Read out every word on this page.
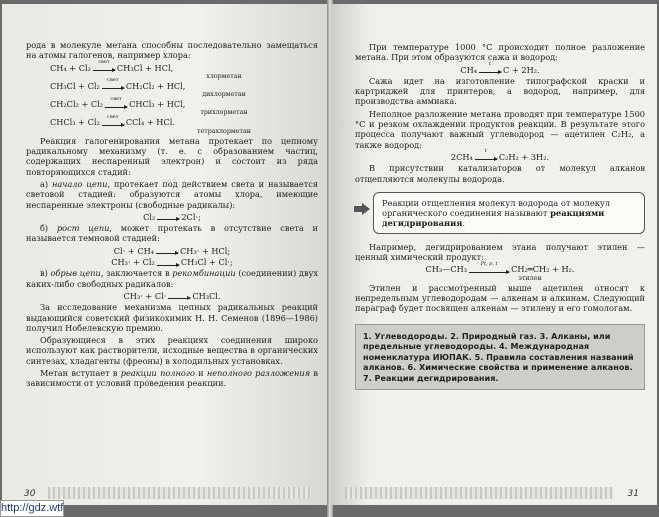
рода в молекуле метана способны последовательно замещаться на атомы галогенов, например хлора:

CH₄ + Cl₂
свет
CH₃Cl + HCl,
хлорметан
CH₃Cl + Cl₂
свет
CH₂Cl₂ + HCl,
дихлорметан
CH₂Cl₂ + Cl₂
свет
CHCl₃ + HCl,
трихлорметан
CHCl₃ + Cl₂
свет
CCl₄ + HCl.
тетрахлорметан

Реакция галогенирования метана протекает по цепному радикальному механизму (т. е. с образованием частиц, содержащих неспаренный электрон) и состоит из ряда повторяющихся стадий:

а) начало цепи, протекает под действием света и называется световой стадией: образуются атомы хлора, имеющие неспаренные электроны (свободные радикалы):

Cl₂	2Cl·;

б) рост цепи, может протекать в отсутствие света и называется темновой стадией:

Cl· + CH₄	CH₃· + HCl;
CH₃· + Cl₂	CH₃Cl + Cl·;

в) обрыв цепи, заключается в рекомбинации (соединении) двух каких-либо свободных радикалов:

CH₃· + Cl·	CH₃Cl.

За исследование механизма цепных радикальных реакций выдающийся советский физикохимик Н. Н. Семенов (1896—1986) получил Нобелевскую премию.

Образующиеся в этих реакциях соединения широко используют как растворители, исходные вещества в органических синтезах, хладагенты (фреоны) в холодильных установках.

Метан вступает в реакции полного и неполного разложения в зависимости от условий проведения реакции.

30

При температуре 1000 °C происходит полное разложение метана. При этом образуются сажа и водород:

CH₄
t
C + 2H₂.

Сажа идет на изготовление типографской краски и картриджей для принтеров, а водород, например, для производства аммиака.

Неполное разложение метана проводят при температуре 1500 °C и резком охлаждении продуктов реакции. В результате этого процесса получают важный углеводород — ацетилен C₂H₂, а также водород:

2CH₄
t
C₂H₂ + 3H₂.

В присутствии катализаторов от молекул алканов отщепляются молекулы водорода.

Реакции отщепления молекул водорода от молекул органического соединения называют реакциями дегидрирования.

Например, дегидрированием этана получают этилен — ценный химический продукт:

CH₃—CH₃
Pt, p, t
CH₂═CH₂ + H₂.
этилен

Этилен и рассмотренный выше ацетилен относят к непредельным углеводородам — алкенам и алкинам. Следующий параграф будет посвящен алкенам — этилену и его гомологам.

1. Углеводороды. 2. Природный газ. 3. Алканы, или предельные углеводороды. 4. Международная номенклатура ИЮПАК. 5. Правила составления названий алканов. 6. Химические свойства и применение алканов. 7. Реакции дегидрирования.
31
http://gdz.wtf
